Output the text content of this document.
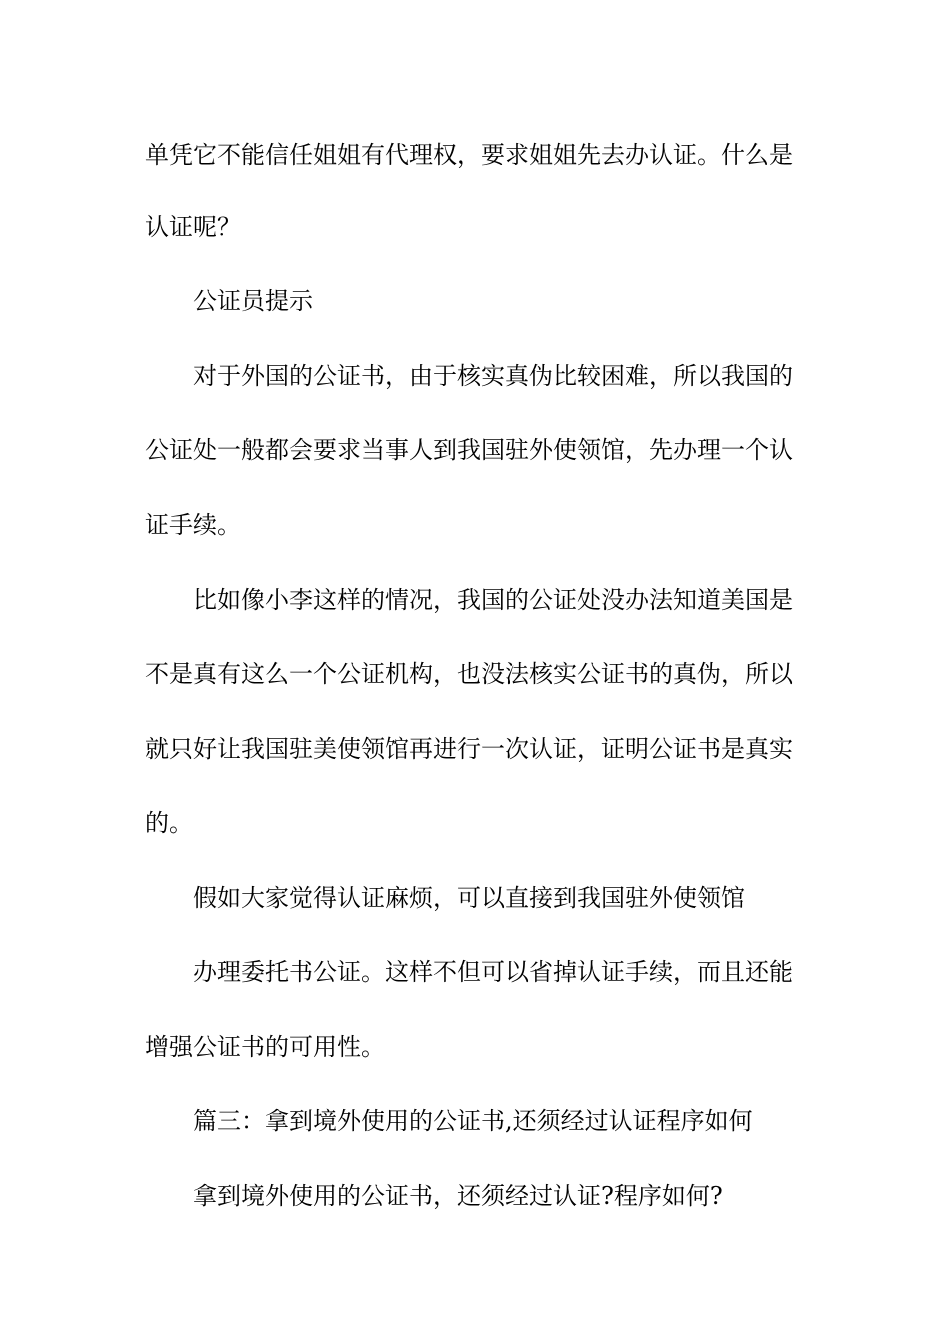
单凭它不能信任姐姐有代理权，要求姐姐先去办认证。什么是
认证呢？
公证员提示
对于外国的公证书，由于核实真伪比较困难，所以我国的
公证处一般都会要求当事人到我国驻外使领馆，先办理一个认
证手续。
比如像小李这样的情况，我国的公证处没办法知道美国是
不是真有这么一个公证机构，也没法核实公证书的真伪，所以
就只好让我国驻美使领馆再进行一次认证，证明公证书是真实
的。
假如大家觉得认证麻烦，可以直接到我国驻外使领馆
办理委托书公证。这样不但可以省掉认证手续，而且还能
增强公证书的可用性。
篇三：拿到境外使用的公证书,还须经过认证程序如何
拿到境外使用的公证书，还须经过认证?程序如何?
